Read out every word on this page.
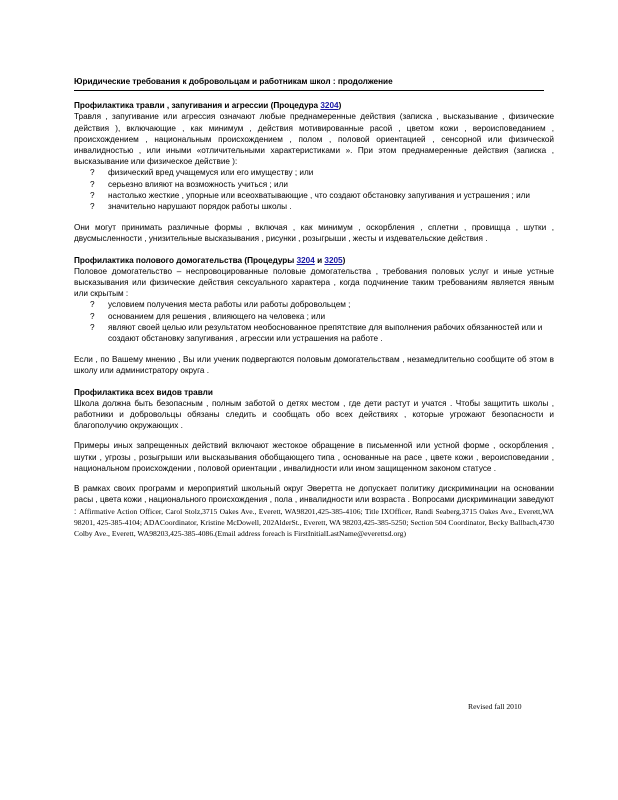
Юридические требования к добровольцам и работникам школ : продолжение
Профилактика травли , запугивания и агрессии (Процедура 3204)

Травля , запугивание или агрессия означают любые преднамеренные действия (записка , высказывание , физические действия ), включающие , как минимум , действия мотивированные расой , цветом кожи , вероисповеданием , происхождением , национальным происхождением , полом , половой ориентацией , сенсорной или физической инвалидностью , или иными «отличительными характеристиками ». При этом преднамеренные действия (записка , высказывание или физическое действие ):

? физический вред учащемуся или его имуществу ; или
? серьезно влияют на возможность учиться ; или
? настолько жесткие , упорные или всеохватывающие , что создают обстановку запугивания и устрашения ; или
? значительно нарушают порядок работы школы .

Они могут принимать различные формы , включая , как минимум , оскорбления , сплетни , провищца , шутки , двусмысленности , унизительные высказывания , рисунки , розыгрыши , жесты и издевательские действия .

Профилактика полового домогательства (Процедуры 3204 и 3205)

Половое домогательство – неспровоцированные половые домогательства , требования половых услуг и иные устные высказывания или физические действия сексуального характера , когда подчинение таким требованиям является явным или скрытым :

? условием получения места работы или работы добровольцем ;
? основанием для решения , влияющего на человека ; или
? являют своей целью или результатом необоснованное препятствие для выполнения рабочих обязанностей или и создают обстановку запугивания , агрессии или устрашения на работе .

Если , по Вашему мнению , Вы или ученик подвергаются половым домогательствам , незамедлительно сообщите об этом в школу или администратору округа .

Профилактика всех видов травли

Школа должна быть безопасным , полным заботой о детях местом , где дети растут и учатся . Чтобы защитить школы , работники и добровольцы обязаны следить и сообщать обо всех действиях , которые угрожают безопасности и благополучию окружающих .

Примеры иных запрещенных действий включают жестокое обращение в письменной или устной форме , оскорбления , шутки , угрозы , розыгрыши или высказывания обобщающего типа , основанные на расе , цвете кожи , вероисповедании , национальном происхождении , половой ориентации , инвалидности или ином защищенном законом статусе .

В рамках своих программ и мероприятий школьный округ Эверетта не допускает политику дискриминации на основании расы , цвета кожи , национального происхождения , пола , инвалидности или возраста . Вопросами дискриминации заведуют : Affirmative Action Officer, Carol Stolz,3715 Oakes Ave., Everett, WA98201,425-385-4106; Title IXOfficer, Randi Seaberg,3715 Oakes Ave., Everett,WA 98201, 425-385-4104; ADACoordinator, Kristine McDowell, 202AlderSt., Everett, WA 98203,425-385-5250; Section 504 Coordinator, Becky Ballbach,4730 Colby Ave., Everett, WA98203,425-385-4086.(Email address foreach is FirstInitialLastName@everettsd.org)

Revised fall 2010
